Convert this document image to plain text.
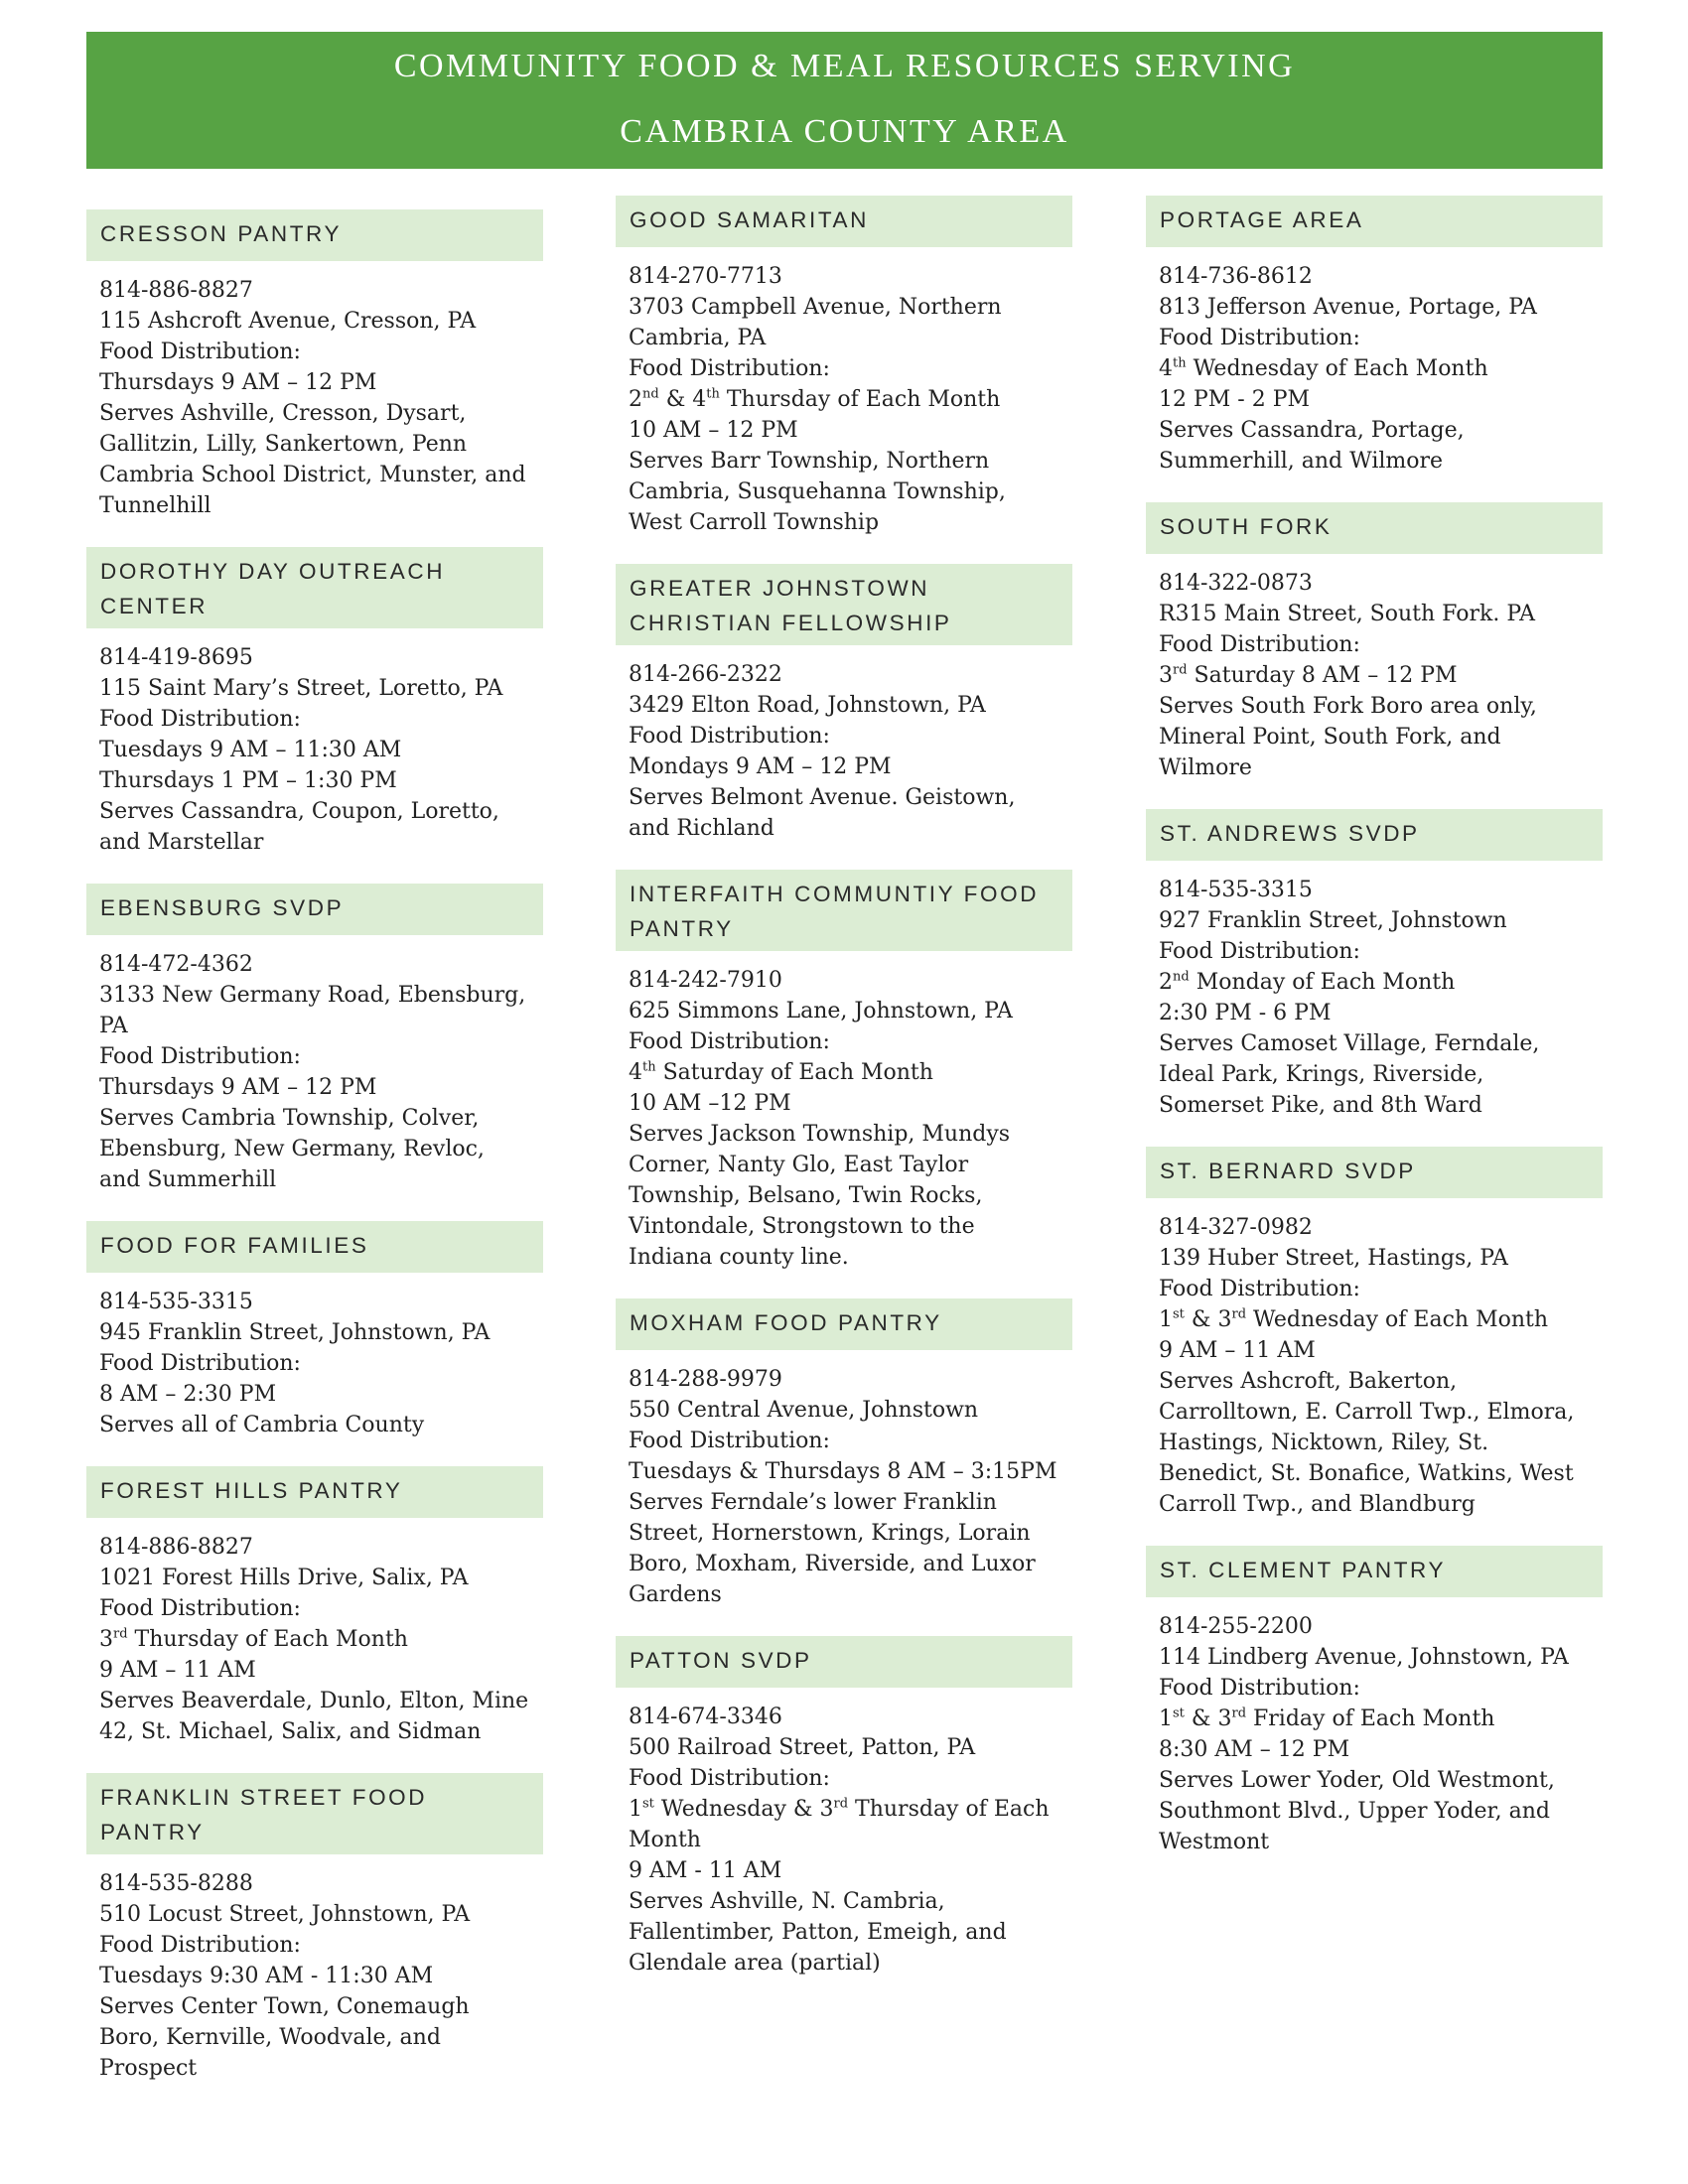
COMMUNITY FOOD & MEAL RESOURCES SERVING
CAMBRIA COUNTY AREA
CRESSON PANTRY
814-886-8827
115 Ashcroft Avenue, Cresson, PA
Food Distribution:
Thursdays 9 AM – 12 PM
Serves Ashville, Cresson, Dysart, Gallitzin, Lilly, Sankertown, Penn Cambria School District, Munster, and Tunnelhill
DOROTHY DAY OUTREACH CENTER
814-419-8695
115 Saint Mary’s Street, Loretto, PA
Food Distribution:
Tuesdays 9 AM – 11:30 AM
Thursdays 1 PM – 1:30 PM
Serves Cassandra, Coupon, Loretto, and Marstellar
EBENSBURG SVDP
814-472-4362
3133 New Germany Road, Ebensburg, PA
Food Distribution:
Thursdays 9 AM – 12 PM
Serves Cambria Township, Colver, Ebensburg, New Germany, Revloc, and Summerhill
FOOD FOR FAMILIES
814-535-3315
945 Franklin Street, Johnstown, PA
Food Distribution:
8 AM – 2:30 PM
Serves all of Cambria County
FOREST HILLS PANTRY
814-886-8827
1021 Forest Hills Drive, Salix, PA
Food Distribution:
3rd Thursday of Each Month
9 AM – 11 AM
Serves Beaverdale, Dunlo, Elton, Mine 42, St. Michael, Salix, and Sidman
FRANKLIN STREET FOOD PANTRY
814-535-8288
510 Locust Street, Johnstown, PA
Food Distribution:
Tuesdays 9:30 AM - 11:30 AM
Serves Center Town, Conemaugh Boro, Kernville, Woodvale, and Prospect
GOOD SAMARITAN
814-270-7713
3703 Campbell Avenue, Northern Cambria, PA
Food Distribution:
2nd & 4th Thursday of Each Month
10 AM – 12 PM
Serves Barr Township, Northern Cambria, Susquehanna Township, West Carroll Township
GREATER JOHNSTOWN CHRISTIAN FELLOWSHIP
814-266-2322
3429 Elton Road, Johnstown, PA
Food Distribution:
Mondays 9 AM – 12 PM
Serves Belmont Avenue. Geistown, and Richland
INTERFAITH COMMUNTIY FOOD PANTRY
814-242-7910
625 Simmons Lane, Johnstown, PA
Food Distribution:
4th Saturday of Each Month
10 AM –12 PM
Serves Jackson Township, Mundys Corner, Nanty Glo, East Taylor Township, Belsano, Twin Rocks, Vintondale, Strongstown to the Indiana county line.
MOXHAM FOOD PANTRY
814-288-9979
550 Central Avenue, Johnstown
Food Distribution:
Tuesdays & Thursdays 8 AM – 3:15PM
Serves Ferndale’s lower Franklin Street, Hornerstown, Krings, Lorain Boro, Moxham, Riverside, and Luxor Gardens
PATTON SVDP
814-674-3346
500 Railroad Street, Patton, PA
Food Distribution:
1st Wednesday & 3rd Thursday of Each Month
9 AM - 11 AM
Serves Ashville, N. Cambria, Fallentimber, Patton, Emeigh, and Glendale area (partial)
PORTAGE AREA
814-736-8612
813 Jefferson Avenue, Portage, PA
Food Distribution:
4th Wednesday of Each Month
12 PM - 2 PM
Serves Cassandra, Portage, Summerhill, and Wilmore
SOUTH FORK
814-322-0873
R315 Main Street, South Fork. PA
Food Distribution:
3rd Saturday 8 AM – 12 PM
Serves South Fork Boro area only, Mineral Point, South Fork, and Wilmore
ST. ANDREWS SVDP
814-535-3315
927 Franklin Street, Johnstown
Food Distribution:
2nd Monday of Each Month
2:30 PM - 6 PM
Serves Camoset Village, Ferndale, Ideal Park, Krings, Riverside, Somerset Pike, and 8th Ward
ST. BERNARD SVDP
814-327-0982
139 Huber Street, Hastings, PA
Food Distribution:
1st & 3rd Wednesday of Each Month
9 AM – 11 AM
Serves Ashcroft, Bakerton, Carrolltown, E. Carroll Twp., Elmora, Hastings, Nicktown, Riley, St. Benedict, St. Bonafice, Watkins, West Carroll Twp., and Blandburg
ST. CLEMENT PANTRY
814-255-2200
114 Lindberg Avenue, Johnstown, PA
Food Distribution:
1st & 3rd Friday of Each Month
8:30 AM – 12 PM
Serves Lower Yoder, Old Westmont, Southmont Blvd., Upper Yoder, and Westmont
